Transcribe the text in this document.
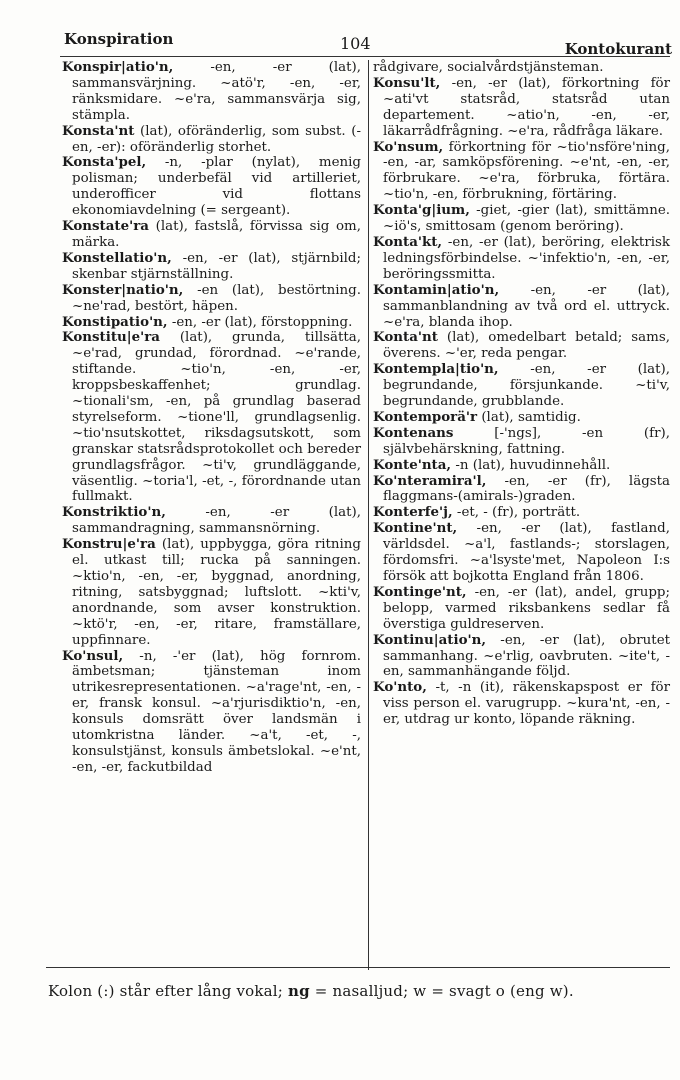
Konspiration	104	Kontokurant

Konspir|atio'n, -en, -er (lat), sammansvärjning. ~atö'r, -en, -er, ränksmidare. ~e'ra, sammansvärja sig, stämpla.

Konsta'nt (lat), oföränderlig, som subst. (-en, -er): oföränderlig storhet.

Konsta'pel, -n, -plar (nylat), menig polisman; underbefäl vid artilleriet, underofficer vid flottans ekonomiavdelning (= sergeant).

Konstate'ra (lat), fastslå, förvissa sig om, märka.

Konstellatio'n, -en, -er (lat), stjärnbild; skenbar stjärnställning.

Konster|natio'n, -en (lat), bestörtning. ~ne'rad, bestört, häpen.

Konstipatio'n, -en, -er (lat), förstoppning.

Konstitu|e'ra (lat), grunda, tillsätta, ~e'rad, grundad, förordnad. ~e'rande, stiftande. ~tio'n, -en, -er, kroppsbeskaffenhet; grundlag. ~tionali'sm, -en, på grundlag baserad styrelseform. ~tione'll, grundlagsenlig. ~tio'nsutskottet, riksdagsutskott, som granskar statsrådsprotokollet och bereder grundlagsfrågor. ~ti'v, grundläggande, väsentlig. ~toria'l, -et, -, förordnande utan fullmakt.

Konstriktio'n, -en, -er (lat), sammandragning, sammansnörning.

Konstru|e'ra (lat), uppbygga, göra ritning el. utkast till; rucka på sanningen. ~ktio'n, -en, -er, byggnad, anordning, ritning, satsbyggnad; luftslott. ~kti'v, anordnande, som avser konstruktion. ~ktö'r, -en, -er, ritare, framställare, uppfinnare.

Ko'nsul, -n, -'er (lat), hög fornrom. ämbetsman; tjänsteman inom utrikesrepresentationen. ~a'rage'nt, -en, -er, fransk konsul. ~a'rjurisdiktio'n, -en, konsuls domsrätt över landsmän i utomkristna länder. ~a't, -et, -, konsulstjänst, konsuls ämbetslokal. ~e'nt, -en, -er, fackutbildad

rådgivare, socialvårdstjänsteman.

Konsu'lt, -en, -er (lat), förkortning för ~ati'vt statsråd, statsråd utan departement. ~atio'n, -en, -er, läkarrådfrågning. ~e'ra, rådfråga läkare.

Ko'nsum, förkortning för ~tio'nsföre'ning, -en, -ar, samköpsförening. ~e'nt, -en, -er, förbrukare. ~e'ra, förbruka, förtära. ~tio'n, -en, förbrukning, förtäring.

Konta'g|ium, -giet, -gier (lat), smittämne. ~iö's, smittosam (genom beröring).

Konta'kt, -en, -er (lat), beröring, elektrisk ledningsförbindelse. ~'infektio'n, -en, -er, beröringssmitta.

Kontamin|atio'n, -en, -er (lat), sammanblandning av två ord el. uttryck. ~e'ra, blanda ihop.

Konta'nt (lat), omedelbart betald; sams, överens. ~'er, reda pengar.

Kontempla|tio'n, -en, -er (lat), begrundande, försjunkande. ~ti'v, begrundande, grubblande.

Kontemporä'r (lat), samtidig.

Kontenans [-'ngs], -en (fr), självbehärskning, fattning.

Konte'nta, -n (lat), huvudinnehåll.

Ko'nteramira'l, -en, -er (fr), lägsta flaggmans-(amirals-)graden.

Konterfe'j, -et, - (fr), porträtt.

Kontine'nt, -en, -er (lat), fastland, världsdel. ~a'l, fastlands-; storslagen, fördomsfri. ~a'lsyste'met, Napoleon I:s försök att bojkotta England från 1806.

Kontinge'nt, -en, -er (lat), andel, grupp; belopp, varmed riksbankens sedlar få överstiga guldreserven.

Kontinu|atio'n, -en, -er (lat), obrutet sammanhang. ~e'rlig, oavbruten. ~ite't, -en, sammanhängande följd.

Ko'nto, -t, -n (it), räkenskapspost er för viss person el. varugrupp. ~kura'nt, -en, -er, utdrag ur konto, löpande räkning.

Kolon (:) står efter lång vokal; ng = nasalljud; w = svagt o (eng w).
